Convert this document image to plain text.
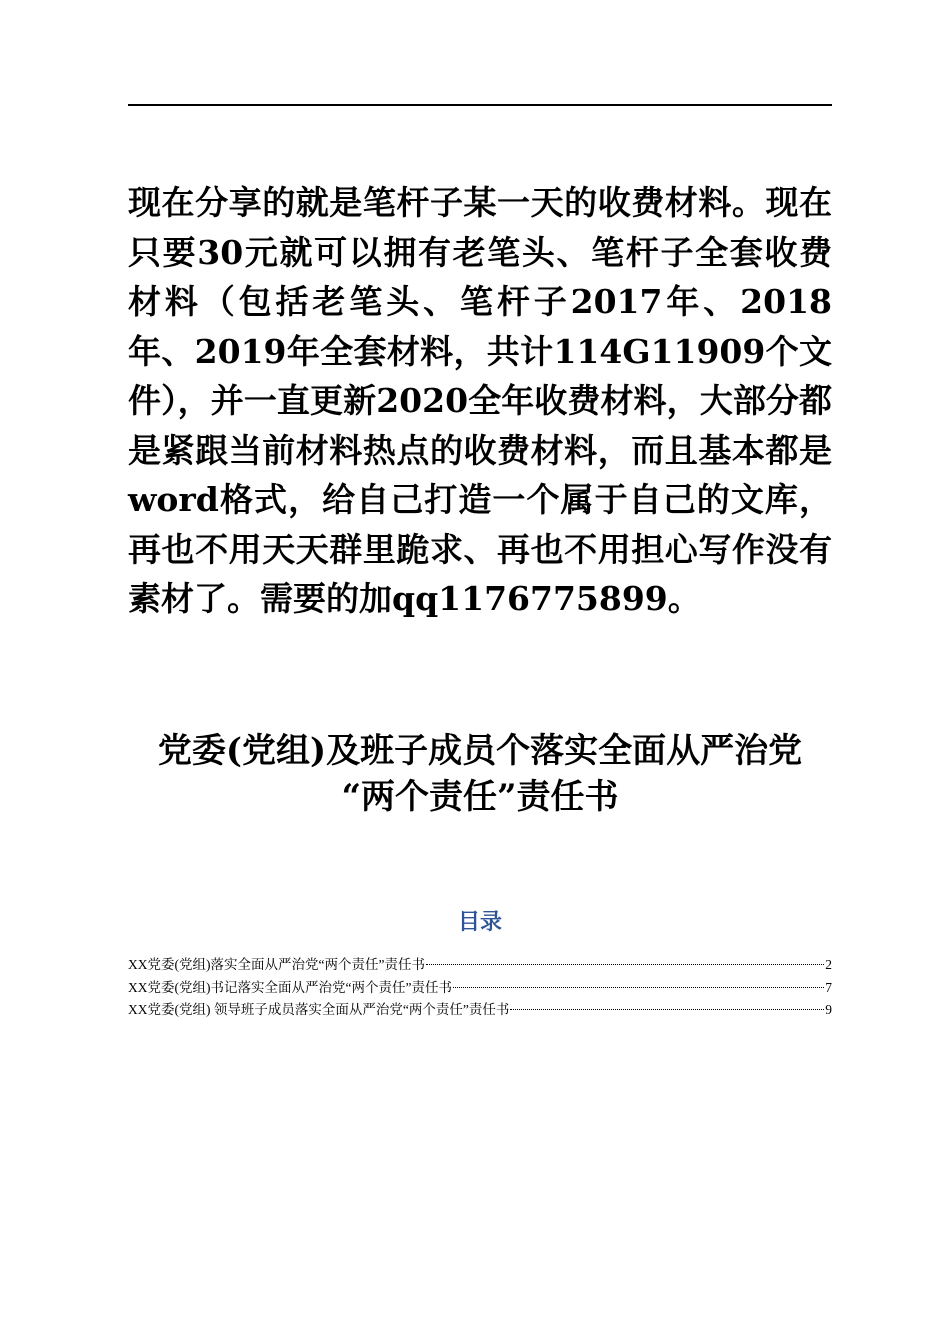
现在分享的就是笔杆子某一天的收费材料。现在只要30元就可以拥有老笔头、笔杆子全套收费材料（包括老笔头、笔杆子2017年、2018年、2019年全套材料，共计114G11909个文件），并一直更新2020全年收费材料，大部分都是紧跟当前材料热点的收费材料，而且基本都是word格式，给自己打造一个属于自己的文库，再也不用天天群里跪求、再也不用担心写作没有素材了。需要的加qq1176775899。

党委(党组)及班子成员个落实全面从严治党
“两个责任”责任书
目录
XX党委(党组)落实全面从严治党“两个责任”责任书	2
XX党委(党组)书记落实全面从严治党“两个责任”责任书	7
XX党委(党组) 领导班子成员落实全面从严治党“两个责任”责任书	9
